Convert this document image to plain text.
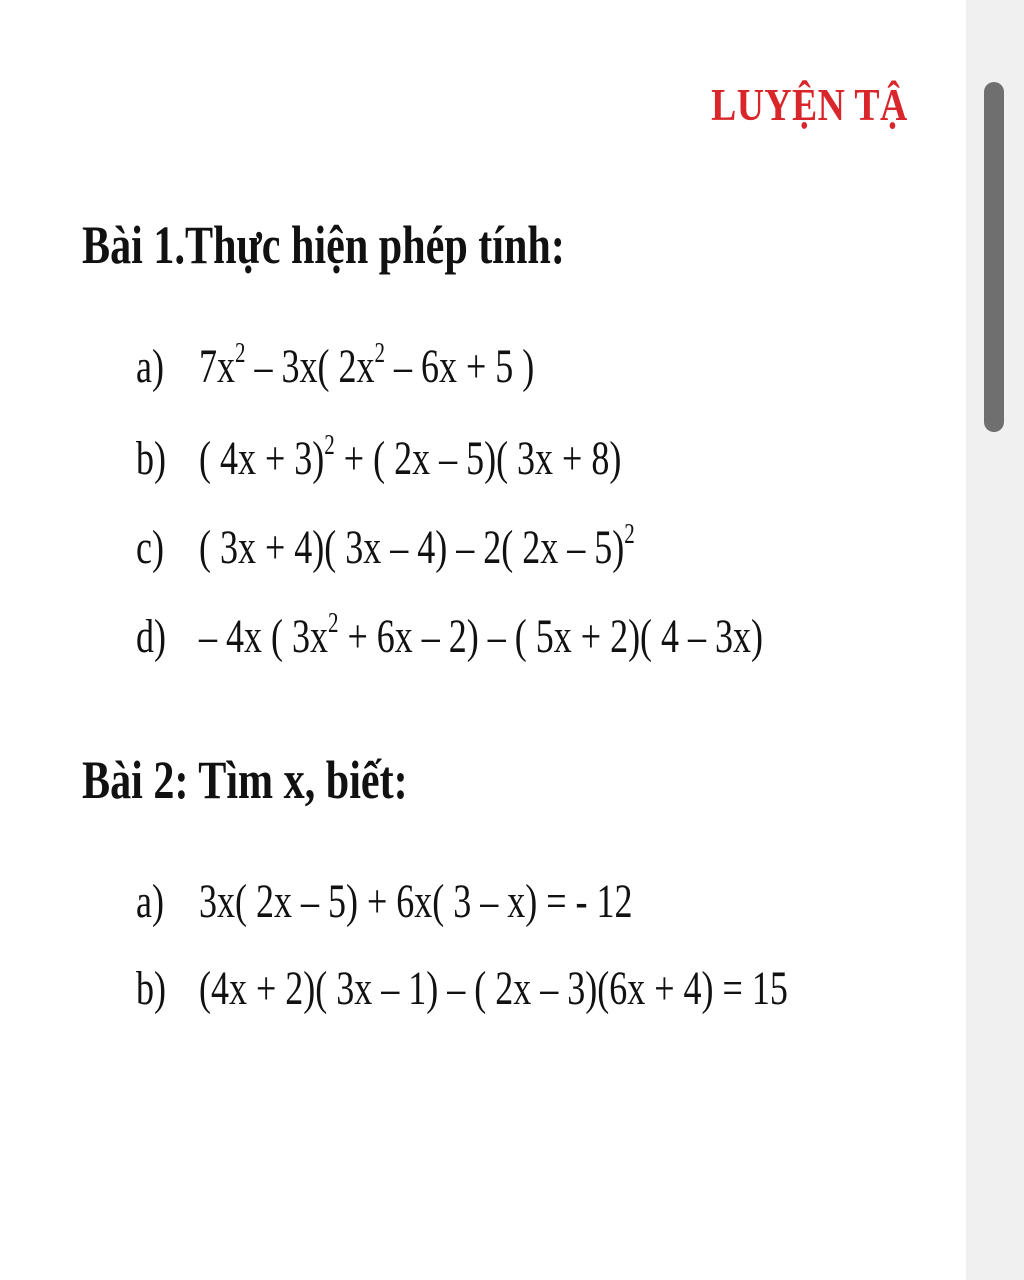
LUYỆN TẬ
Bài 1.Thực hiện phép tính:
a) $7x^2 - 3x$( $2x^2 - 6x + 5$ )
b) ( 4x + 3)$^2$ + ( 2x – 5)( 3x + 8)
c) ( 3x + 4)( 3x – 4) – 2( 2x – 5)$^2$
d) – 4x ( $3x^2 + 6x - 2$) – ( 5x + 2)( 4 – 3x)
Bài 2: Tìm x, biết:
a) 3x( 2x – 5) + 6x( 3 – x) = - 12
b) (4x + 2)( 3x – 1) – ( 2x – 3)(6x + 4) = 15
